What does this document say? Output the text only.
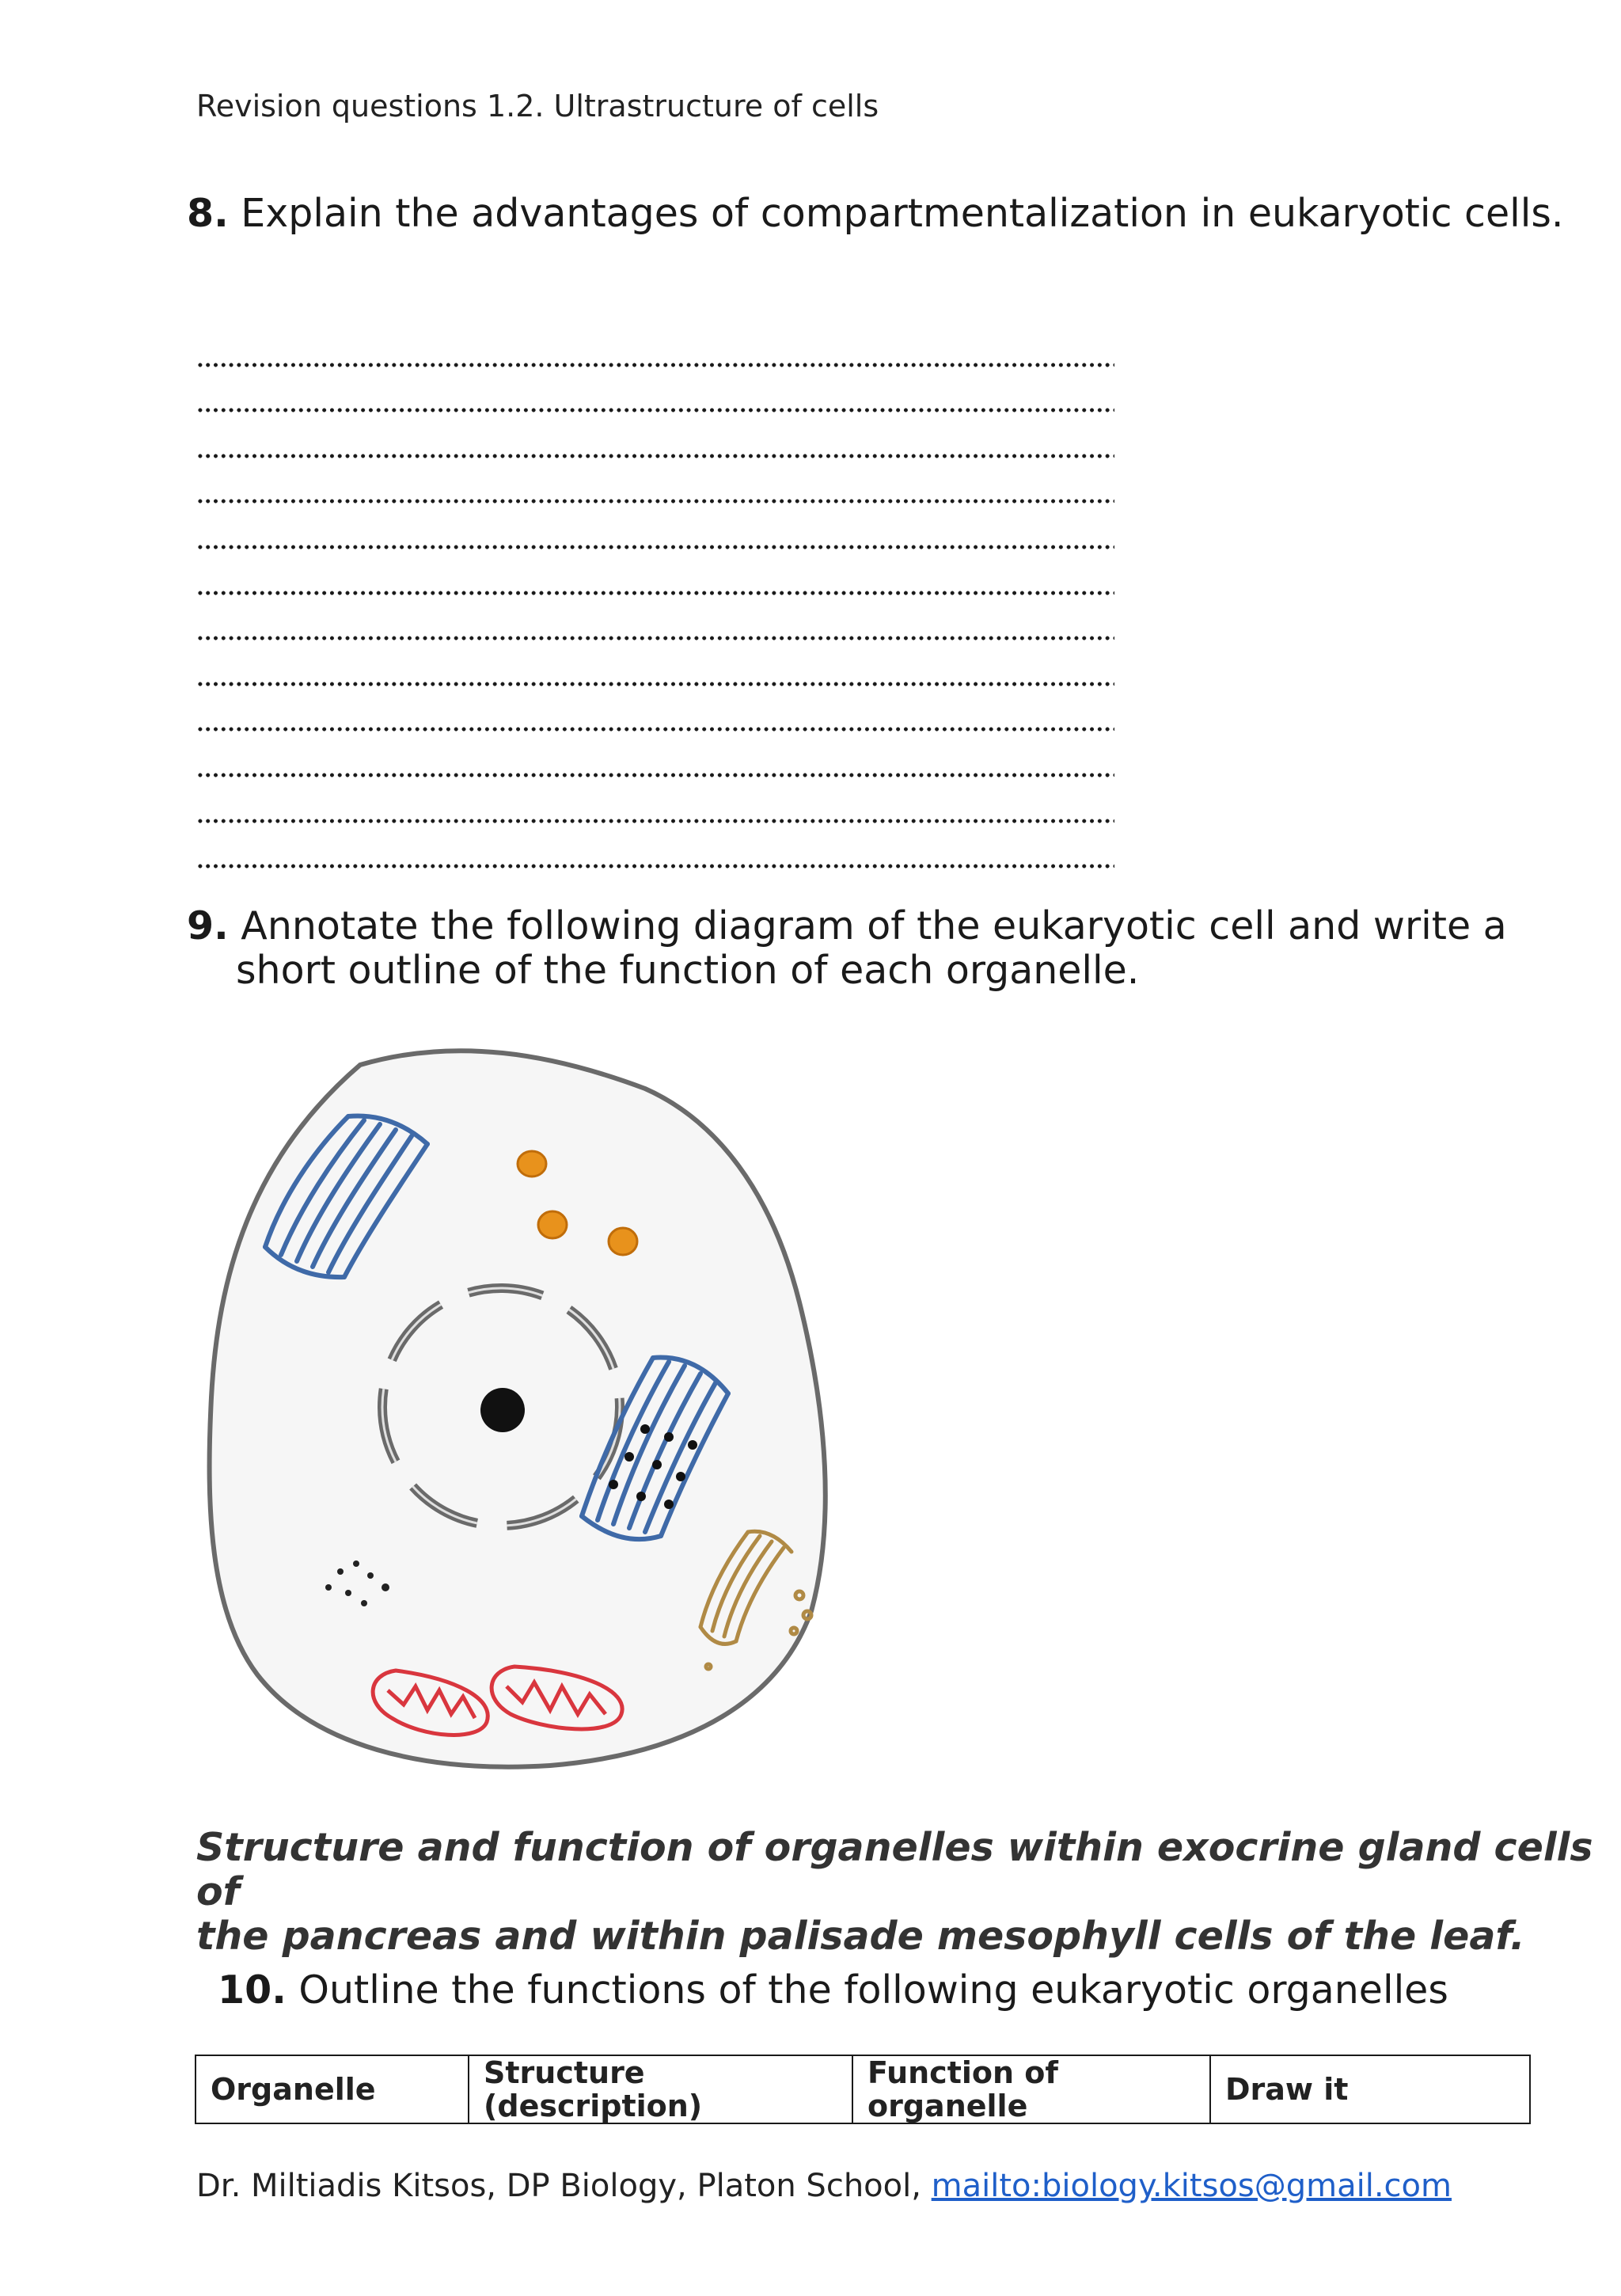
Revision questions 1.2. Ultrastructure of cells
8. Explain the advantages of compartmentalization in eukaryotic cells.
9. Annotate the following diagram of the eukaryotic cell and write a
short outline of the function of each organelle.
Structure and function of organelles within exocrine gland cells of
the pancreas and within palisade mesophyll cells of the leaf.
10. Outline the functions of the following eukaryotic organelles
Organelle	Structure (description)	Function of organelle	Draw it
Dr. Miltiadis Kitsos, DP Biology, Platon School, mailto:biology.kitsos@gmail.com
